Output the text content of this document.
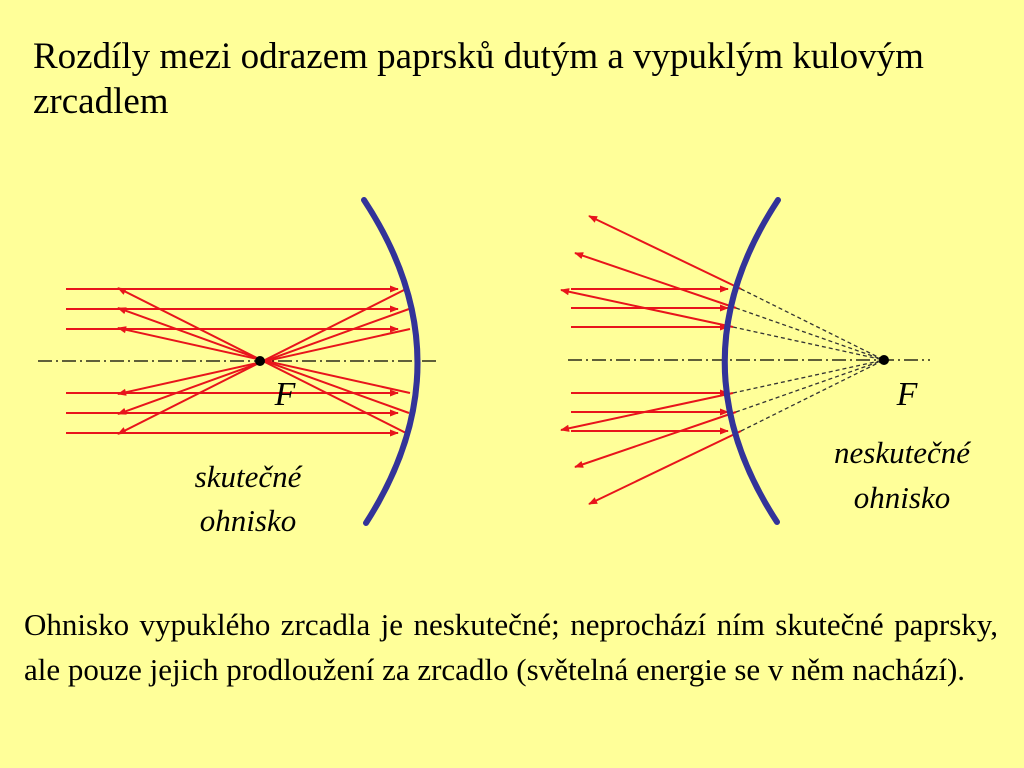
Rozdíly mezi odrazem paprsků dutým a vypuklým kulovým zrcadlem
F
skutečné
ohnisko
F
neskutečné
ohnisko
Ohnisko vypuklého zrcadla je neskutečné; neprochází ním skutečné paprsky, ale pouze jejich prodloužení za zrcadlo (světelná energie se v něm nachází).
